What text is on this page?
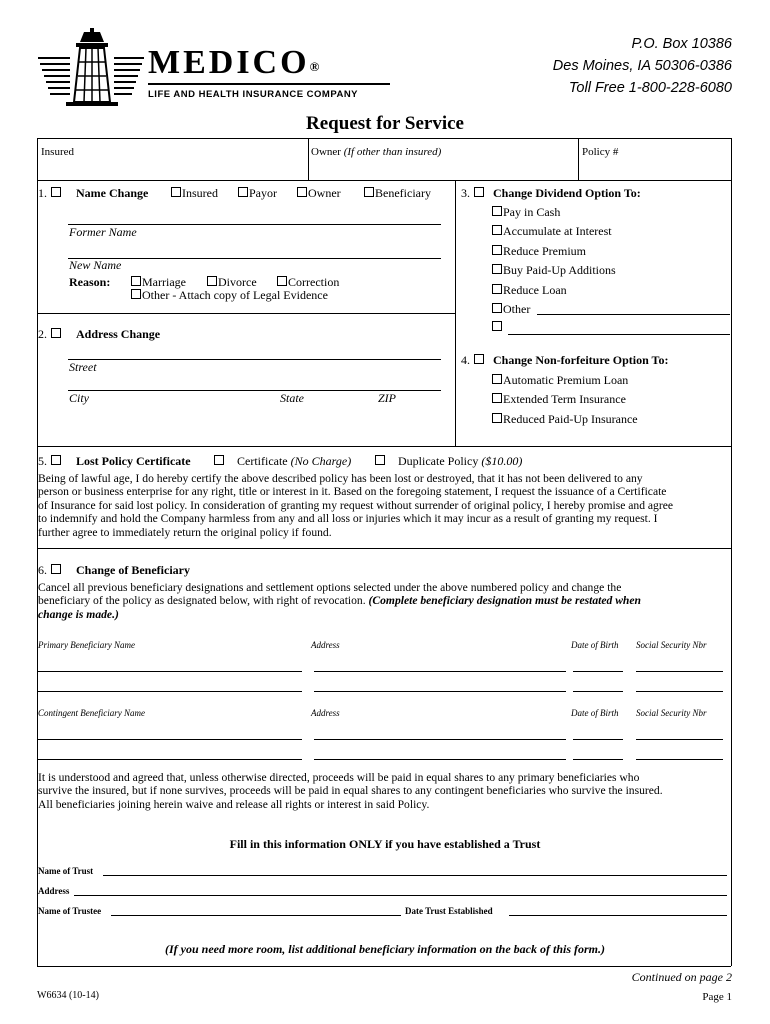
MEDICO®
LIFE AND HEALTH INSURANCE COMPANY
P.O. Box 10386
Des Moines, IA 50306-0386
Toll Free 1-800-228-6080
Request for Service
Insured	Owner (If other than insured)	Policy #
1. Name Change	Insured	Payor	Owner	Beneficiary
Former Name
New Name
Reason:	Marriage	Divorce	Correction
Other - Attach copy of Legal Evidence
2. Address Change
Street
City	State	ZIP
3. Change Dividend Option To:
Pay in Cash
Accumulate at Interest
Reduce Premium
Buy Paid-Up Additions
Reduce Loan
Other
4. Change Non-forfeiture Option To:
Automatic Premium Loan
Extended Term Insurance
Reduced Paid-Up Insurance
5. Lost Policy Certificate	Certificate
(No Charge)	Duplicate Policy
($10.00)
Being of lawful age, I do hereby certify the above described policy has been lost or destroyed, that it has not been delivered to any
person or business enterprise for any right, title or interest in it. Based on the foregoing statement, I request the issuance of a Certificate
of Insurance for said lost policy. In consideration of granting my request without surrender of original policy, I hereby promise and agree
to indemnify and hold the Company harmless from any and all loss or injuries which it may incur as a result of granting my request. I
further agree to immediately return the original policy if found.
6. Change of Beneficiary
Cancel all previous beneficiary designations and settlement options selected under the above numbered policy and change the
beneficiary of the policy as designated below, with right of revocation. (Complete beneficiary designation must be restated when
change is made.)
Primary Beneficiary Name	Address	Date of Birth Social Security Nbr
Contingent Beneficiary Name	Address	Date of Birth Social Security Nbr
It is understood and agreed that, unless otherwise directed, proceeds will be paid in equal shares to any primary beneficiaries who
survive the insured, but if none survives, proceeds will be paid in equal shares to any contingent beneficiaries who survive the insured.
All beneficiaries joining herein waive and release all rights or interest in said Policy.
Fill in this information ONLY if you have established a Trust
Name of Trust
Address
Name of Trustee	Date Trust Established
(If you need more room, list additional beneficiary information on the back of this form.)
Continued on page 2
W6634 (10-14)	Page 1
